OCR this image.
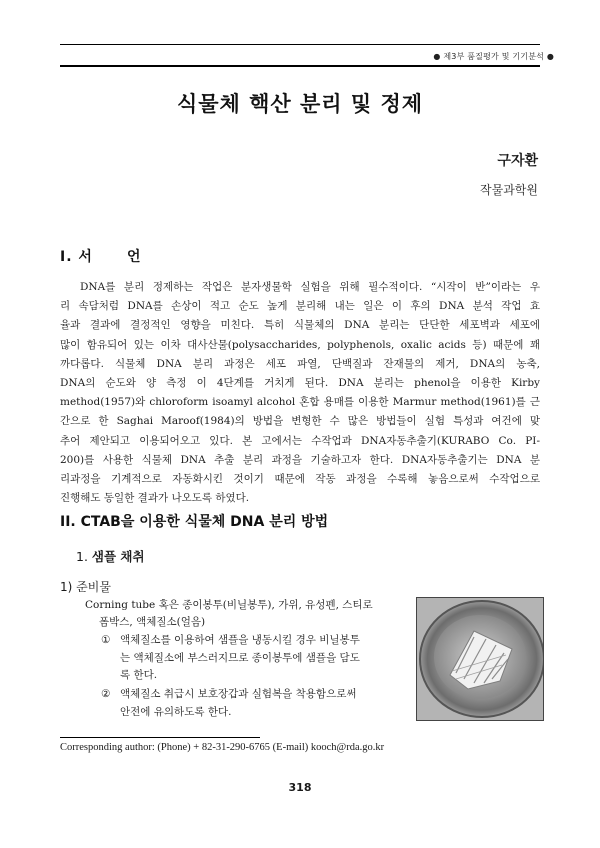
● 제3부 품질평가 및 기기분석 ●
식물체 핵산 분리 및 정제
구자환
작물과학원
I. 서 언
DNA를 분리 정제하는 작업은 분자생물학 실험을 위해 필수적이다. “시작이 반”이라는 우
리 속담처럼 DNA를 손상이 적고 순도 높게 분리해 내는 일은 이 후의 DNA 분석 작업 효
율과 결과에 결정적인 영향을 미친다. 특히 식물체의 DNA 분리는 단단한 세포벽과 세포에
많이 함유되어 있는 이차 대사산물(polysaccharides, polyphenols, oxalic acids 등) 때문에 꽤
까다롭다. 식물체 DNA 분리 과정은 세포 파열, 단백질과 잔재물의 제거, DNA의 농축,
DNA의 순도와 양 측정 이 4단계를 거치게 된다. DNA 분리는 phenol을 이용한 Kirby
method(1957)와 chloroform isoamyl alcohol 혼합 용매를 이용한 Marmur method(1961)를 근
간으로 한 Saghai Maroof(1984)의 방법을 변형한 수 많은 방법들이 실험 특성과 여건에 맞
추어 제안되고 이용되어오고 있다. 본 고에서는 수작업과 DNA자동추출기(KURABO Co. PI-
200)를 사용한 식물체 DNA 추출 분리 과정을 기술하고자 한다. DNA자동추출기는 DNA 분
리과정을 기계적으로 자동화시킨 것이기 때문에 작동 과정을 수록해 놓음으로써 수작업으로
진행해도 동일한 결과가 나오도록 하였다.
II. CTAB을 이용한 식물체 DNA 분리 방법
1. 샘플 채취
1) 준비물
Corning tube 혹은 종이봉투(비닐봉투), 가위, 유성펜, 스티로
폼박스, 액체질소(얼음)
① 액체질소를 이용하여 샘플을 냉동시킬 경우 비닐봉투
는 액체질소에 부스러지므로 종이봉투에 샘플을 담도
록 한다.
② 액체질소 취급시 보호장갑과 실험복을 착용함으로써
안전에 유의하도록 한다.
Corresponding author: (Phone) + 82-31-290-6765 (E-mail) kooch@rda.go.kr
318
